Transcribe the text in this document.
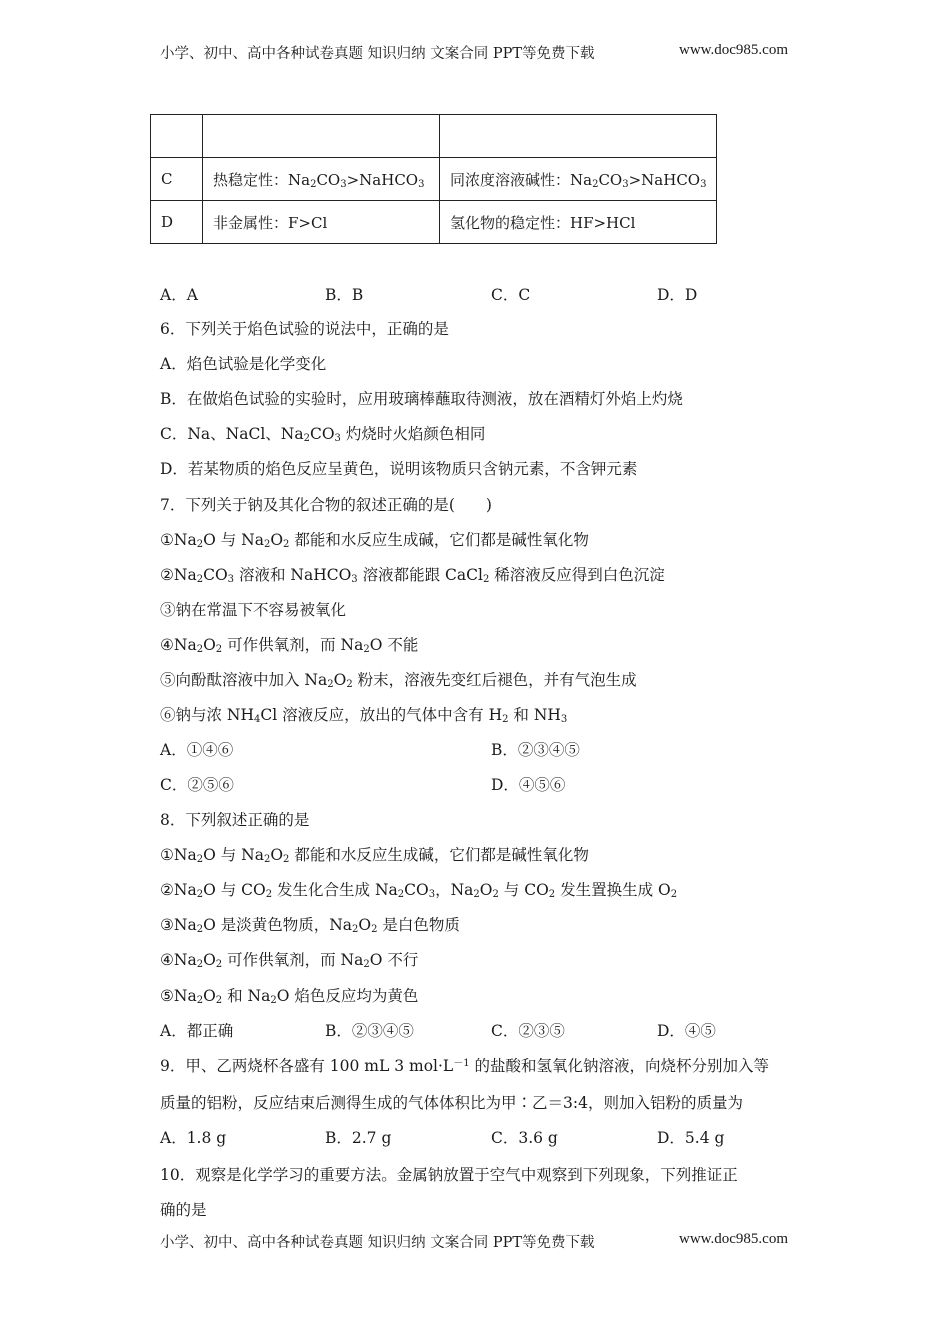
小学、初中、高中各种试卷真题 知识归纳 文案合同 PPT等免费下载	www.doc985.com

C	热稳定性：$Na_2CO_3>NaHCO_3$	同浓度溶液碱性：$Na_2CO_3>NaHCO_3$
D	非金属性：F>Cl	氢化物的稳定性：HF>HCl
A．A	B．B	C．C	D．D
6．下列关于焰色试验的说法中，正确的是
A．焰色试验是化学变化
B．在做焰色试验的实验时，应用玻璃棒蘸取待测液，放在酒精灯外焰上灼烧
C．Na、NaCl、$Na_2CO_3$ 灼烧时火焰颜色相同
D．若某物质的焰色反应呈黄色，说明该物质只含钠元素，不含钾元素
7．下列关于钠及其化合物的叙述正确的是(　　)
$①Na_2O$ 与 $Na_2O_2$ 都能和水反应生成碱，它们都是碱性氧化物
$②Na_2CO_3$ 溶液和 NaHCO$_3$ 溶液都能跟 CaCl$_2$ 稀溶液反应得到白色沉淀
③钠在常温下不容易被氧化
$④Na_2O_2$ 可作供氧剂，而 $Na_2O$ 不能
⑤向酚酞溶液中加入 $Na_2O_2$ 粉末，溶液先变红后褪色，并有气泡生成
⑥钠与浓 $NH_4Cl$ 溶液反应，放出的气体中含有 $H_2$ 和 $NH_3$
A．①④⑥	B．②③④⑤
C．②⑤⑥	D．④⑤⑥
8．下列叙述正确的是
$①Na_2O$ 与 $Na_2O_2$ 都能和水反应生成碱，它们都是碱性氧化物
$②Na_2O$ 与 $CO_2$ 发生化合生成 $Na_2CO_3$，$Na_2O_2$ 与 $CO_2$ 发生置换生成 $O_2$
$③Na_2O$ 是淡黄色物质，$Na_2O_2$ 是白色物质
$④Na_2O_2$ 可作供氧剂，而 $Na_2O$ 不行
$⑤Na_2O_2$ 和 $Na_2O$ 焰色反应均为黄色
A．都正确	B．②③④⑤	C．②③⑤	D．④⑤
9．甲、乙两烧杯各盛有 100 mL 3 $mol\cdot L^{-1}$ 的盐酸和氢氧化钠溶液，向烧杯分别加入等
质量的铝粉，反应结束后测得生成的气体体积比为甲∶乙＝3:4，则加入铝粉的质量为
A．1.8 g	B．2.7 g	C．3.6 g	D．5.4 g
10．观察是化学学习的重要方法。金属钠放置于空气中观察到下列现象，下列推证正
确的是
小学、初中、高中各种试卷真题 知识归纳 文案合同 PPT等免费下载	www.doc985.com
